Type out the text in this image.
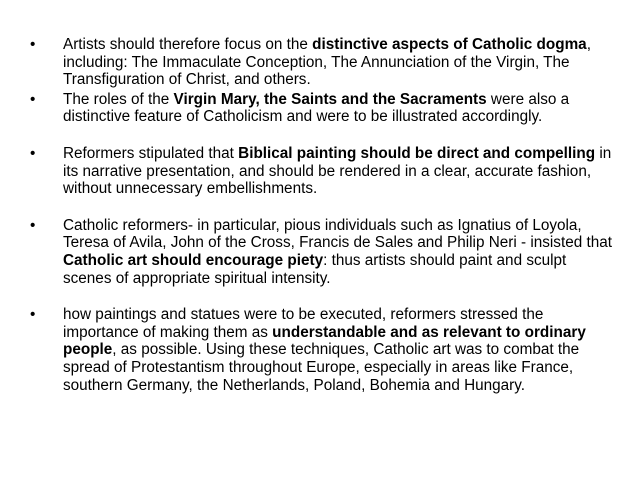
•	Artists should therefore focus on the distinctive aspects of Catholic dogma, including: The Immaculate Conception, The Annunciation of the Virgin, The Transfiguration of Christ, and others.
•	The roles of the Virgin Mary, the Saints and the Sacraments were also a distinctive feature of Catholicism and were to be illustrated accordingly.
•	Reformers stipulated that Biblical painting should be direct and compelling in its narrative presentation, and should be rendered in a clear, accurate fashion, without unnecessary embellishments.
•	Catholic reformers- in particular, pious individuals such as Ignatius of Loyola, Teresa of Avila, John of the Cross, Francis de Sales and Philip Neri - insisted that Catholic art should encourage piety: thus artists should paint and sculpt scenes of appropriate spiritual intensity.
•	how paintings and statues were to be executed, reformers stressed the importance of making them as understandable and as relevant to ordinary people, as possible. Using these techniques, Catholic art was to combat the spread of Protestantism throughout Europe, especially in areas like France, southern Germany, the Netherlands, Poland, Bohemia and Hungary.
